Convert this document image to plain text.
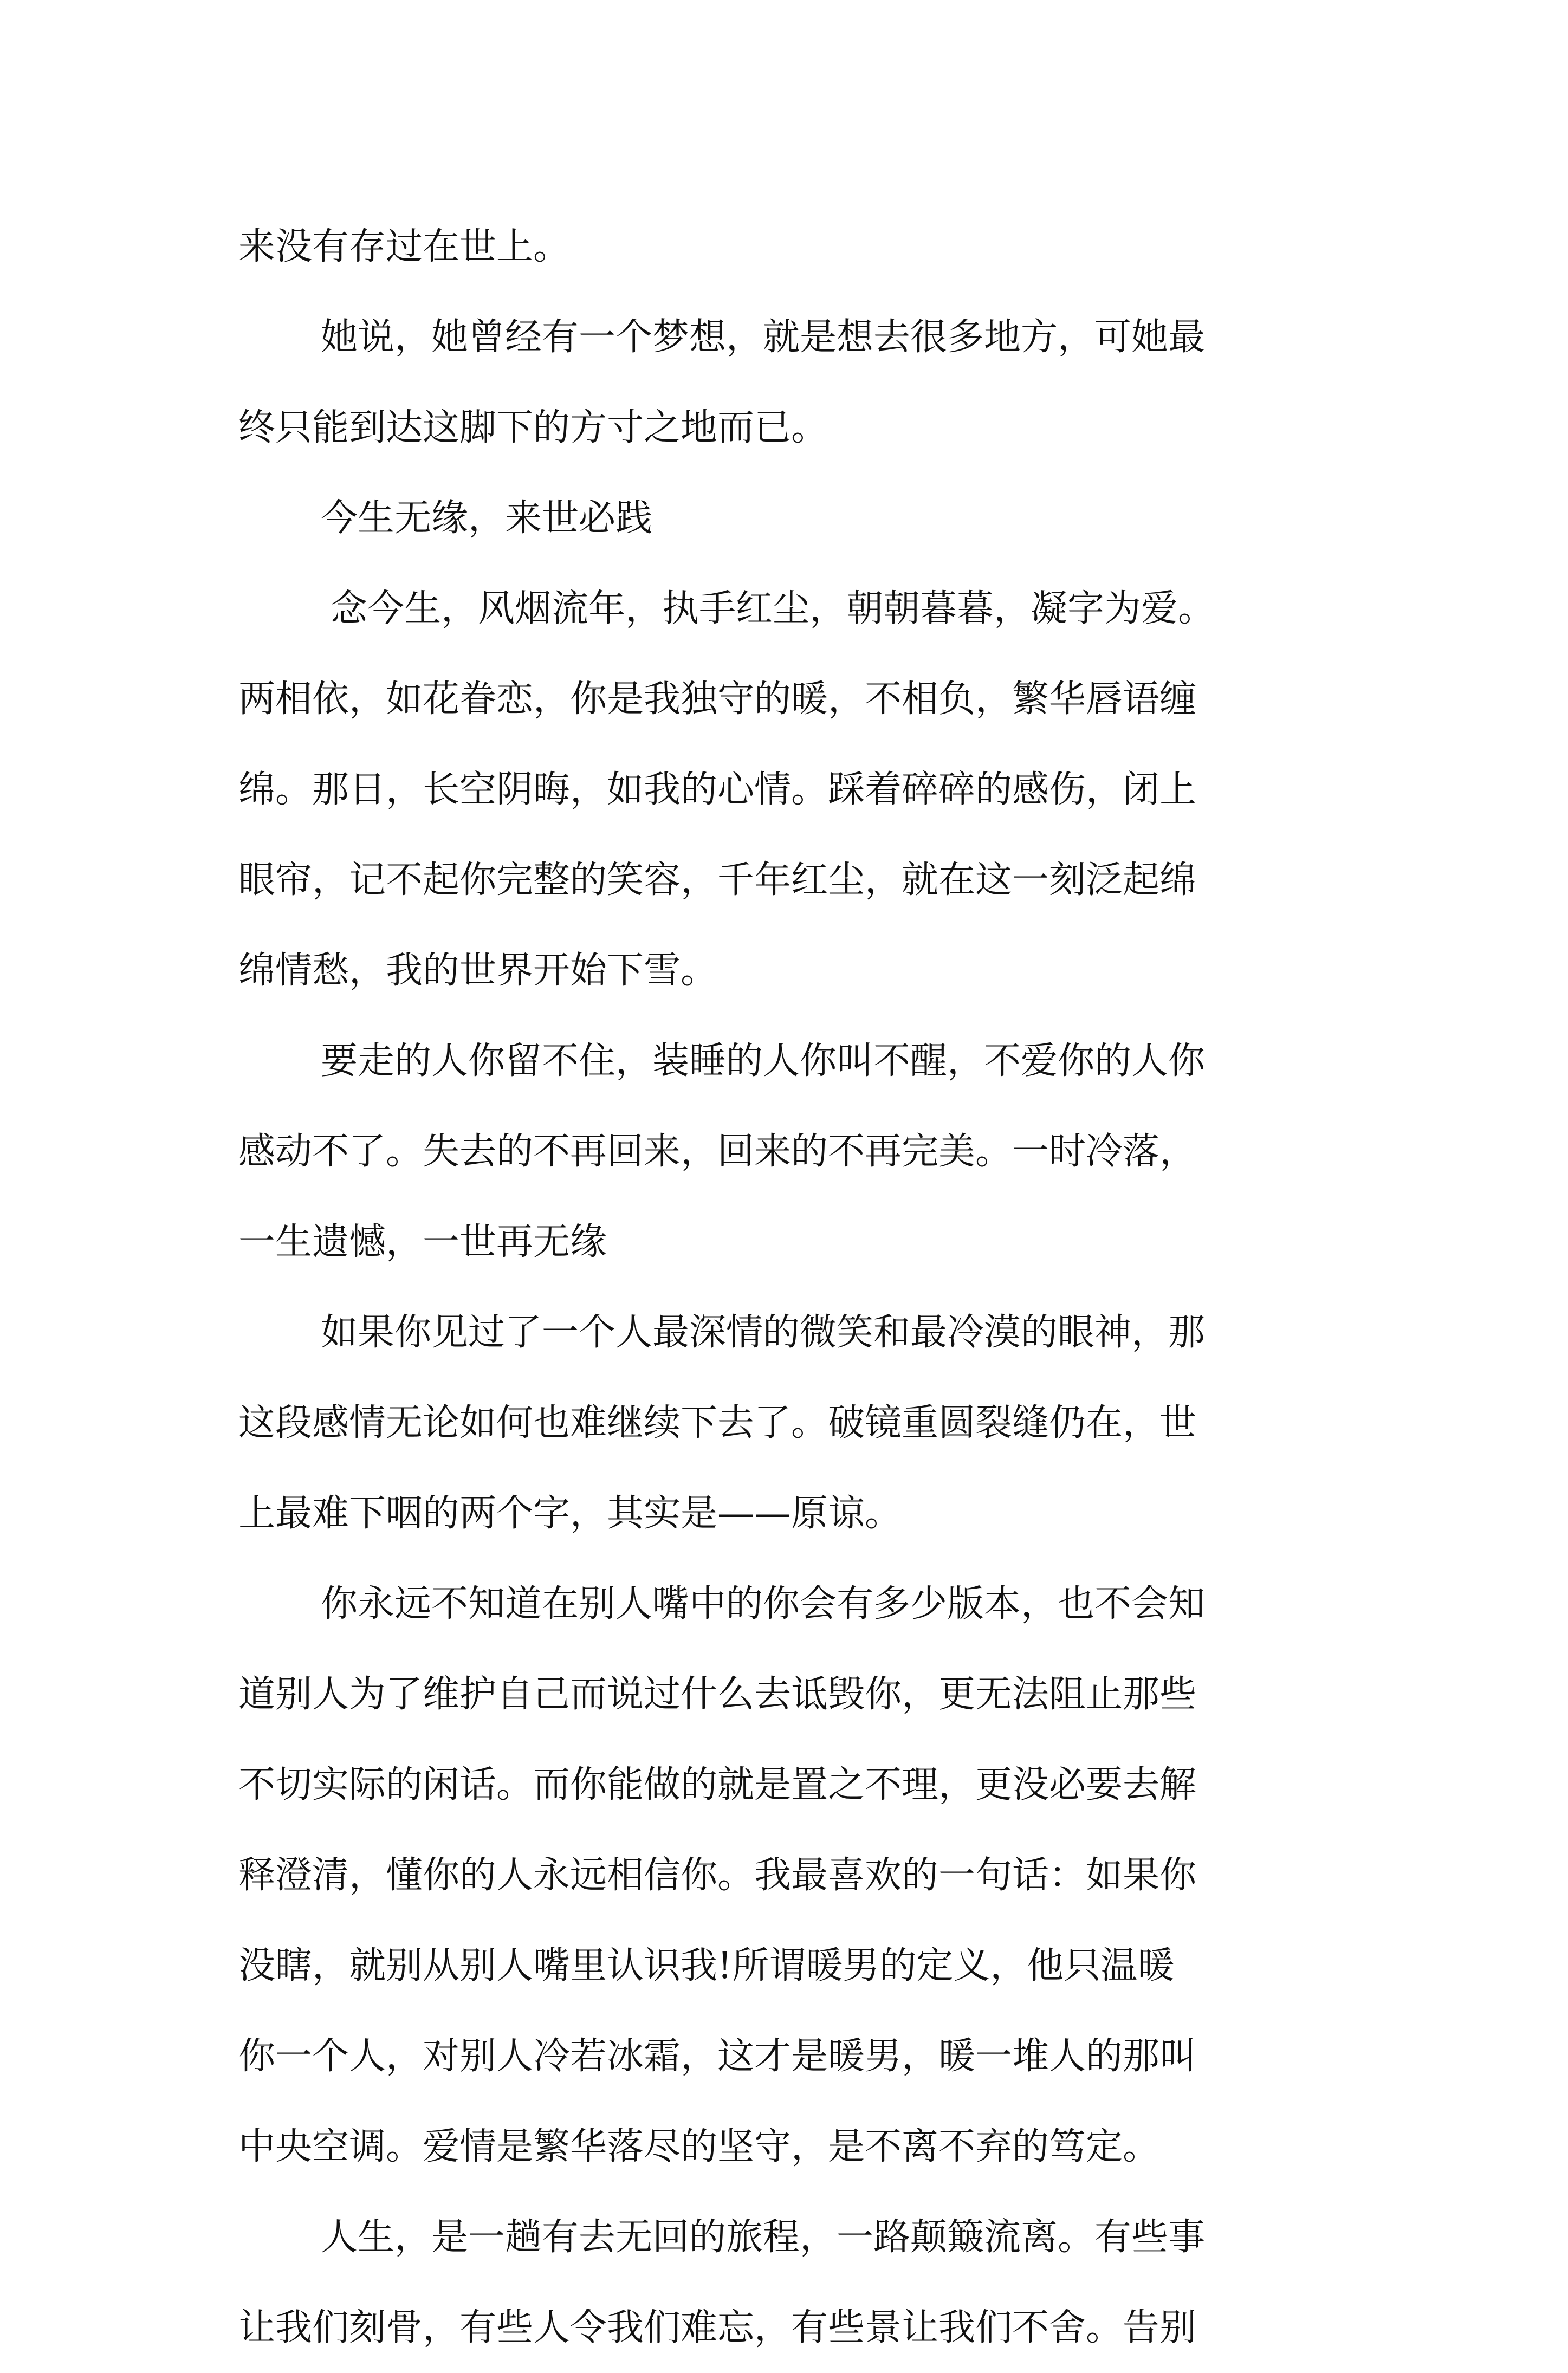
来没有存过在世上。
她说，她曾经有一个梦想，就是想去很多地方，可她最
终只能到达这脚下的方寸之地而已。
今生无缘，来世必践
念今生，风烟流年，执手红尘，朝朝暮暮，凝字为爱。
两相依，如花眷恋，你是我独守的暖，不相负，繁华唇语缠
绵。那日，长空阴晦，如我的心情。踩着碎碎的感伤，闭上
眼帘，记不起你完整的笑容，千年红尘，就在这一刻泛起绵
绵情愁，我的世界开始下雪。
要走的人你留不住，装睡的人你叫不醒，不爱你的人你
感动不了。失去的不再回来，回来的不再完美。一时冷落，
一生遗憾，一世再无缘
如果你见过了一个人最深情的微笑和最冷漠的眼神，那
这段感情无论如何也难继续下去了。破镜重圆裂缝仍在，世
上最难下咽的两个字，其实是——原谅。
你永远不知道在别人嘴中的你会有多少版本，也不会知
道别人为了维护自己而说过什么去诋毁你，更无法阻止那些
不切实际的闲话。而你能做的就是置之不理，更没必要去解
释澄清，懂你的人永远相信你。我最喜欢的一句话：如果你
没瞎，就别从别人嘴里认识我!所谓暖男的定义，他只温暖
你一个人，对别人冷若冰霜，这才是暖男，暖一堆人的那叫
中央空调。爱情是繁华落尽的坚守，是不离不弃的笃定。
人生，是一趟有去无回的旅程，一路颠簸流离。有些事
让我们刻骨，有些人令我们难忘，有些景让我们不舍。告别
